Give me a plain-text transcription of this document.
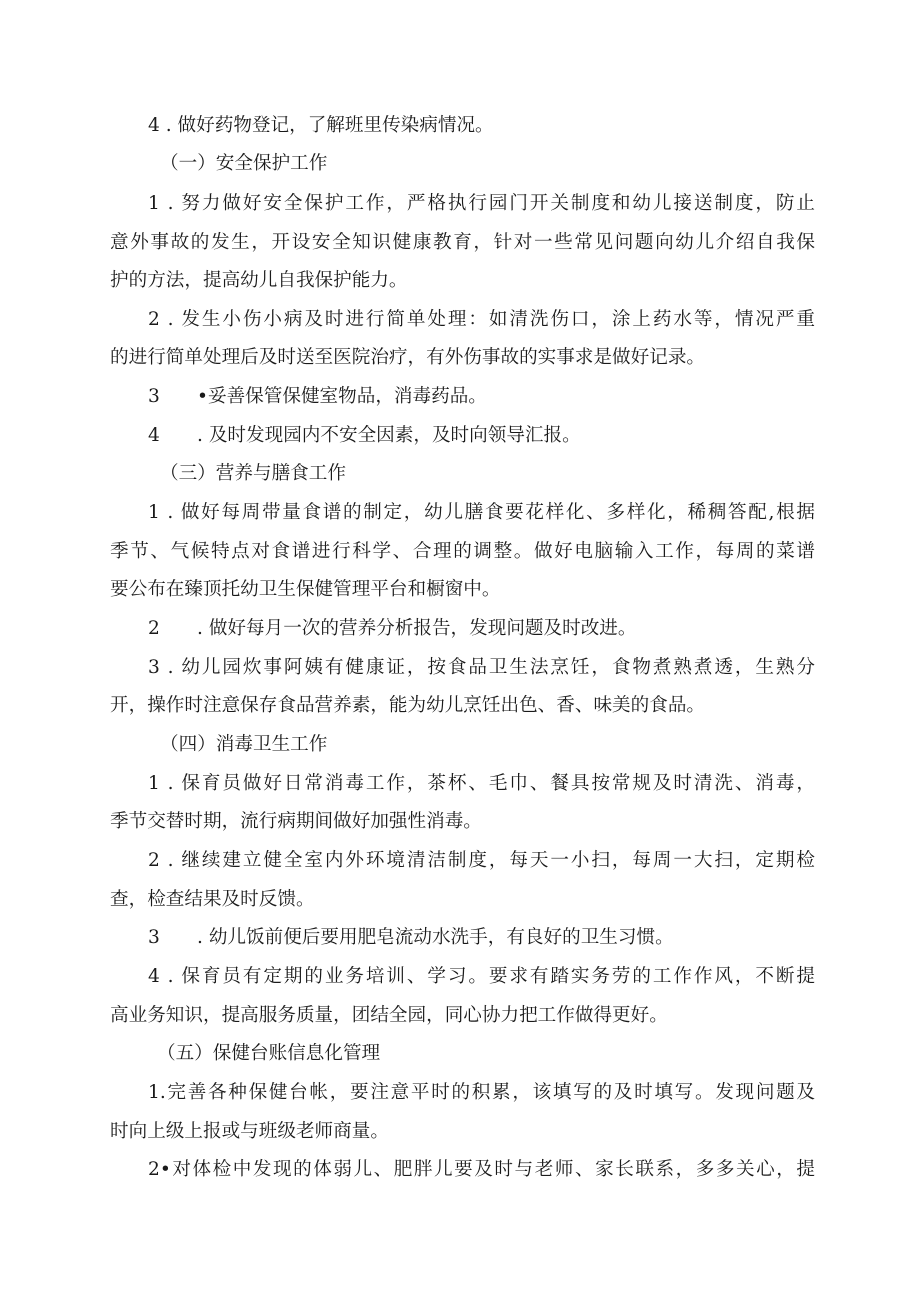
4 . 做好药物登记，了解班里传染病情况。
（一）安全保护工作
1 . 努力做好安全保护工作，严格执行园门开关制度和幼儿接送制度，防止
意外事故的发生，开设安全知识健康教育，针对一些常见问题向幼儿介绍自我保
护的方法，提高幼儿自我保护能力。
2 . 发生小伤小病及时进行简单处理：如清洗伤口，涂上药水等，情况严重
的进行简单处理后及时送至医院治疗，有外伤事故的实事求是做好记录。
3　　•妥善保管保健室物品，消毒药品。
4　　. 及时发现园内不安全因素，及时向领导汇报。
（三）营养与膳食工作
1 . 做好每周带量食谱的制定，幼儿膳食要花样化、多样化，稀稠答配,根据
季节、气候特点对食谱进行科学、合理的调整。做好电脑输入工作，每周的菜谱
要公布在臻顶托幼卫生保健管理平台和橱窗中。
2　　. 做好每月一次的营养分析报告，发现问题及时改进。
3 . 幼儿园炊事阿姨有健康证，按食品卫生法烹饪，食物煮熟煮透，生熟分
开，操作时注意保存食品营养素，能为幼儿烹饪出色、香、味美的食品。
（四）消毒卫生工作
1 . 保育员做好日常消毒工作，茶杯、毛巾、餐具按常规及时清洗、消毒，
季节交替时期，流行病期间做好加强性消毒。
2 . 继续建立健全室内外环境清洁制度，每天一小扫，每周一大扫，定期检
查，检查结果及时反馈。
3　　. 幼儿饭前便后要用肥皂流动水洗手，有良好的卫生习惯。
4 . 保育员有定期的业务培训、学习。要求有踏实务劳的工作作风，不断提
高业务知识，提高服务质量，团结全园，同心协力把工作做得更好。
（五）保健台账信息化管理
1.完善各种保健台帐，要注意平时的积累，该填写的及时填写。发现问题及
时向上级上报或与班级老师商量。
2•对体检中发现的体弱儿、肥胖儿要及时与老师、家长联系，多多关心，提
